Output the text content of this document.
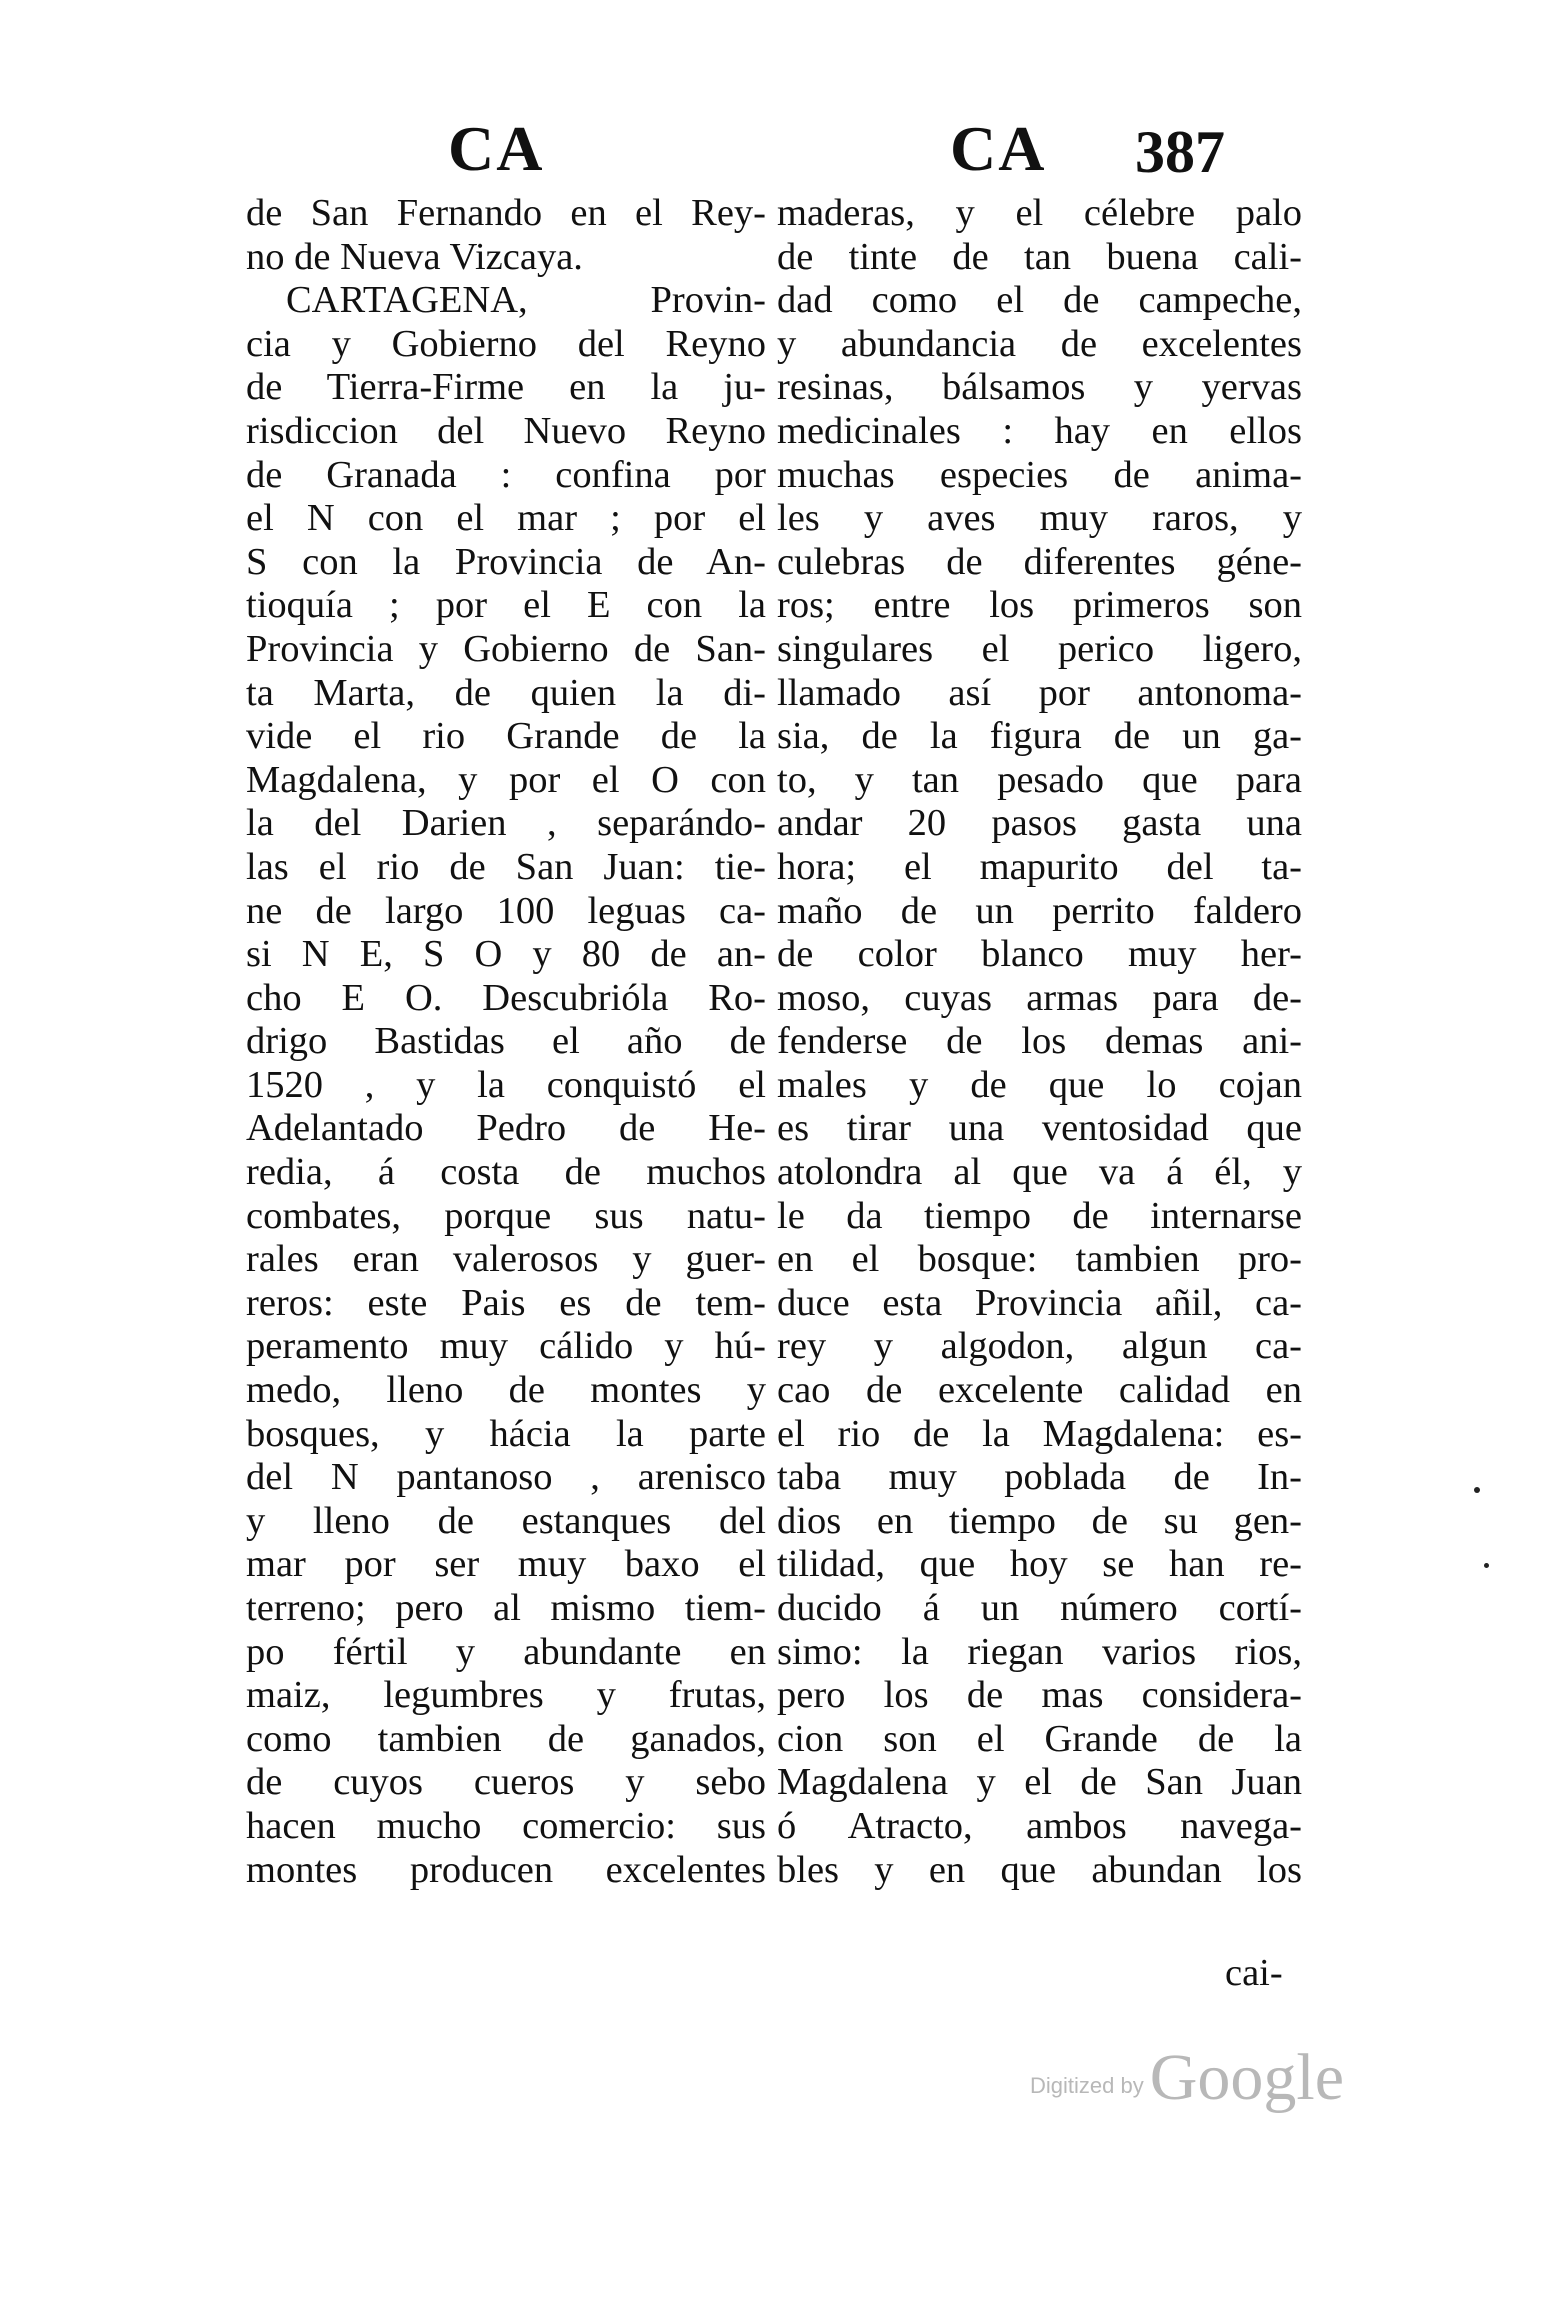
CA	CA 387
de San Fernando en el Rey-
no de Nueva Vizcaya.
CARTAGENA, Provin-
cia y Gobierno del Reyno
de Tierra-Firme en la ju-
risdiccion del Nuevo Reyno
de Granada : confina por
el N con el mar ; por el
S con la Provincia de An-
tioquía ; por el E con la
Provincia y Gobierno de San-
ta Marta, de quien la di-
vide el rio Grande de la
Magdalena, y por el O con
la del Darien , separándo-
las el rio de San Juan: tie-
ne de largo 100 leguas ca-
si N E, S O y 80 de an-
cho E O. Descubrióla Ro-
drigo Bastidas el año de
1520 , y la conquistó el
Adelantado Pedro de He-
redia, á costa de muchos
combates, porque sus natu-
rales eran valerosos y guer-
reros: este Pais es de tem-
peramento muy cálido y hú-
medo, lleno de montes y
bosques, y hácia la parte
del N pantanoso , arenisco
y lleno de estanques del
mar por ser muy baxo el
terreno; pero al mismo tiem-
po fértil y abundante en
maiz, legumbres y frutas,
como tambien de ganados,
de cuyos cueros y sebo
hacen mucho comercio: sus
montes producen excelentes
maderas, y el célebre palo
de tinte de tan buena cali-
dad como el de campeche,
y abundancia de excelentes
resinas, bálsamos y yervas
medicinales : hay en ellos
muchas especies de anima-
les y aves muy raros, y
culebras de diferentes géne-
ros; entre los primeros son
singulares el perico ligero,
llamado así por antonoma-
sia, de la figura de un ga-
to, y tan pesado que para
andar 20 pasos gasta una
hora; el mapurito del ta-
maño de un perrito faldero
de color blanco muy her-
moso, cuyas armas para de-
fenderse de los demas ani-
males y de que lo cojan
es tirar una ventosidad que
atolondra al que va á él, y
le da tiempo de internarse
en el bosque: tambien pro-
duce esta Provincia añil, ca-
rey y algodon, algun ca-
cao de excelente calidad en
el rio de la Magdalena: es-
taba muy poblada de In-
dios en tiempo de su gen-
tilidad, que hoy se han re-
ducido á un número cortí-
simo: la riegan varios rios,
pero los de mas considera-
cion son el Grande de la
Magdalena y el de San Juan
ó Atracto, ambos navega-
bles y en que abundan los
cai-
Digitized byGoogle
